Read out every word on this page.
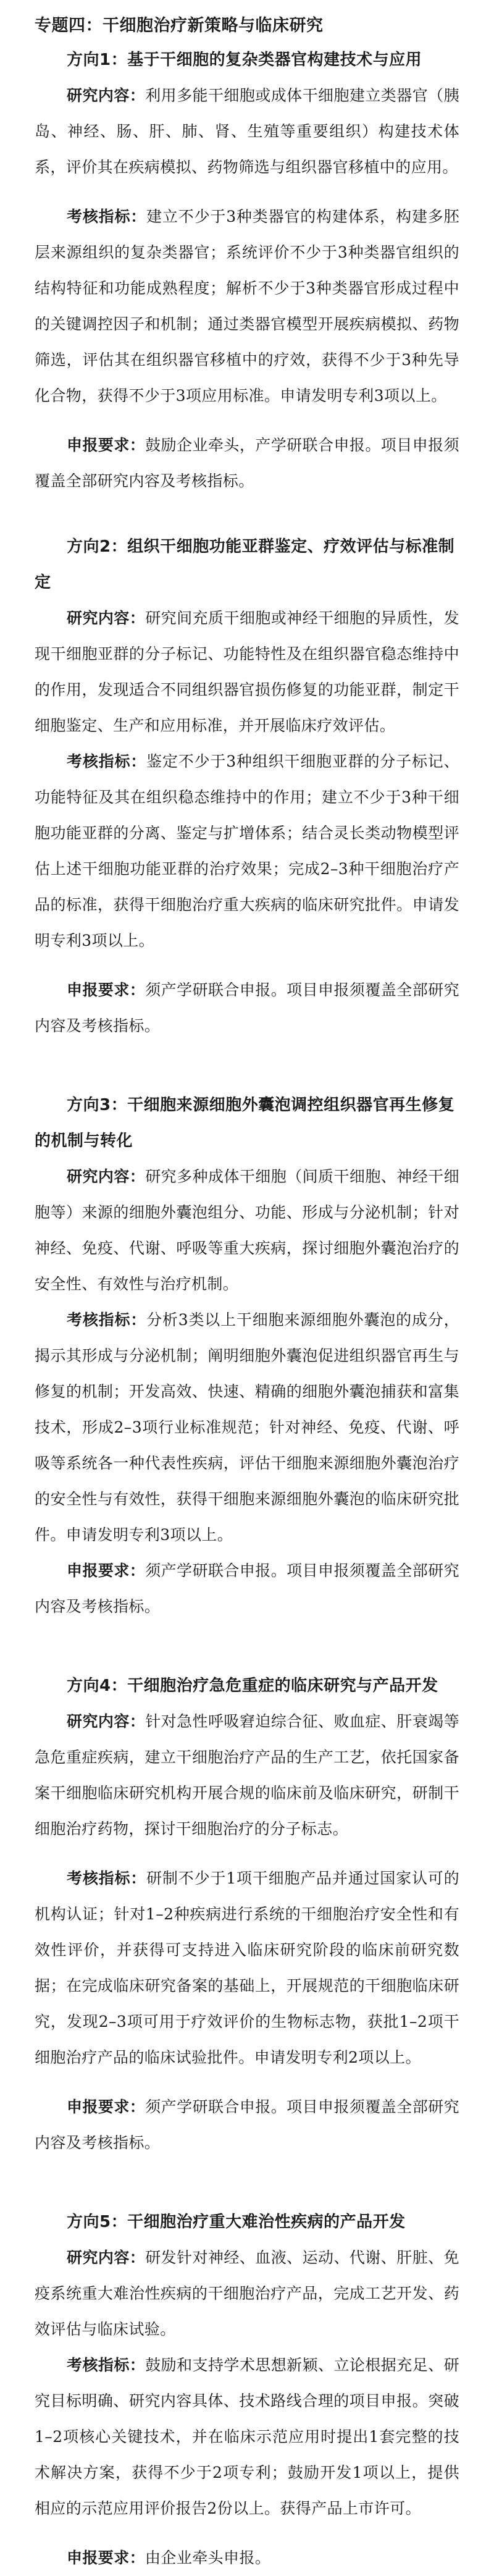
专题四：干细胞治疗新策略与临床研究
方向1：基于干细胞的复杂类器官构建技术与应用

研究内容：利用多能干细胞或成体干细胞建立类器官（胰岛、神经、肠、肝、肺、肾、生殖等重要组织）构建技术体系，评价其在疾病模拟、药物筛选与组织器官移植中的应用。

考核指标：建立不少于3种类器官的构建体系，构建多胚层来源组织的复杂类器官；系统评价不少于3种类器官组织的结构特征和功能成熟程度；解析不少于3种类器官形成过程中的关键调控因子和机制；通过类器官模型开展疾病模拟、药物筛选，评估其在组织器官移植中的疗效，获得不少于3种先导化合物，获得不少于3项应用标准。申请发明专利3项以上。

申报要求：鼓励企业牵头，产学研联合申报。项目申报须覆盖全部研究内容及考核指标。

方向2：组织干细胞功能亚群鉴定、疗效评估与标准制定

研究内容：研究间充质干细胞或神经干细胞的异质性，发现干细胞亚群的分子标记、功能特性及在组织器官稳态维持中的作用，发现适合不同组织器官损伤修复的功能亚群，制定干细胞鉴定、生产和应用标准，并开展临床疗效评估。

考核指标：鉴定不少于3种组织干细胞亚群的分子标记、功能特征及其在组织稳态维持中的作用；建立不少于3种干细胞功能亚群的分离、鉴定与扩增体系；结合灵长类动物模型评估上述干细胞功能亚群的治疗效果；完成2–3种干细胞治疗产品的标准，获得干细胞治疗重大疾病的临床研究批件。申请发明专利3项以上。

申报要求：须产学研联合申报。项目申报须覆盖全部研究内容及考核指标。

方向3：干细胞来源细胞外囊泡调控组织器官再生修复的机制与转化

研究内容：研究多种成体干细胞（间质干细胞、神经干细胞等）来源的细胞外囊泡组分、功能、形成与分泌机制；针对神经、免疫、代谢、呼吸等重大疾病，探讨细胞外囊泡治疗的安全性、有效性与治疗机制。

考核指标：分析3类以上干细胞来源细胞外囊泡的成分，揭示其形成与分泌机制；阐明细胞外囊泡促进组织器官再生与修复的机制；开发高效、快速、精确的细胞外囊泡捕获和富集技术，形成2–3项行业标准规范；针对神经、免疫、代谢、呼吸等系统各一种代表性疾病，评估干细胞来源细胞外囊泡治疗的安全性与有效性，获得干细胞来源细胞外囊泡的临床研究批件。申请发明专利3项以上。

申报要求：须产学研联合申报。项目申报须覆盖全部研究内容及考核指标。

方向4：干细胞治疗急危重症的临床研究与产品开发

研究内容：针对急性呼吸窘迫综合征、败血症、肝衰竭等急危重症疾病，建立干细胞治疗产品的生产工艺，依托国家备案干细胞临床研究机构开展合规的临床前及临床研究，研制干细胞治疗药物，探讨干细胞治疗的分子标志。

考核指标：研制不少于1项干细胞产品并通过国家认可的机构认证；针对1–2种疾病进行系统的干细胞治疗安全性和有效性评价，并获得可支持进入临床研究阶段的临床前研究数据；在完成临床研究备案的基础上，开展规范的干细胞临床研究，发现2–3项可用于疗效评价的生物标志物，获批1–2项干细胞治疗产品的临床试验批件。申请发明专利2项以上。

申报要求：须产学研联合申报。项目申报须覆盖全部研究内容及考核指标。

方向5：干细胞治疗重大难治性疾病的产品开发

研究内容：研发针对神经、血液、运动、代谢、肝脏、免疫系统重大难治性疾病的干细胞治疗产品，完成工艺开发、药效评估与临床试验。

考核指标：鼓励和支持学术思想新颖、立论根据充足、研究目标明确、研究内容具体、技术路线合理的项目申报。突破1–2项核心关键技术，并在临床示范应用时提出1套完整的技术解决方案，获得不少于2项专利；鼓励开发1项以上，提供相应的示范应用评价报告2份以上。获得产品上市许可。

申报要求：由企业牵头申报。
